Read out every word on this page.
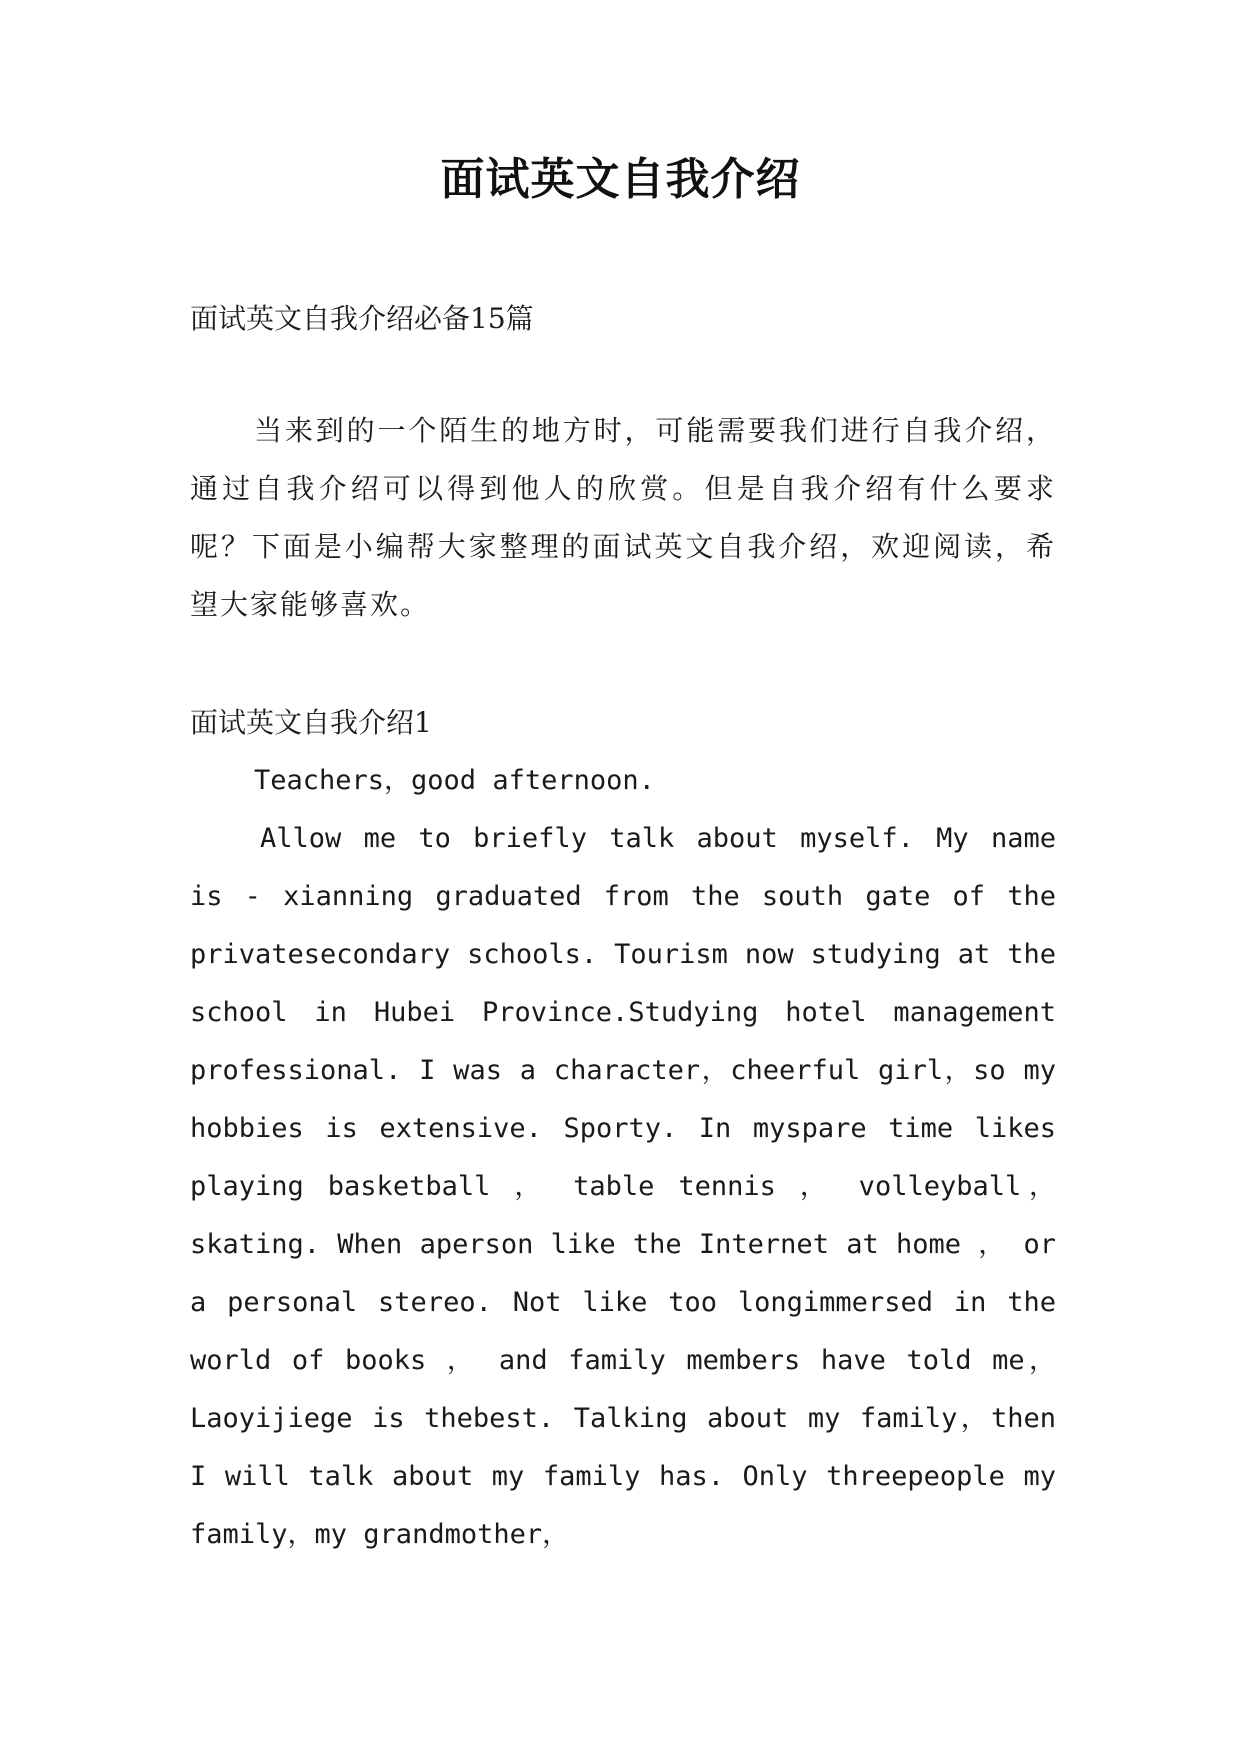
面试英文自我介绍

面试英文自我介绍必备15篇

当来到的一个陌生的地方时，可能需要我们进行自我介绍，通过自我介绍可以得到他人的欣赏。但是自我介绍有什么要求呢？下面是小编帮大家整理的面试英文自我介绍，欢迎阅读，希望大家能够喜欢。

面试英文自我介绍1

Teachers，good afternoon.

Allow me to briefly talk about myself. My name is - xianning graduated from the south gate of the privatesecondary schools. Tourism now studying at the school in Hubei Province.Studying hotel management professional. I was a character，cheerful girl，so my hobbies is extensive. Sporty. In myspare time likes playing basketball ， table tennis ， volleyball，skating. When aperson like the Internet at home ， or a personal stereo. Not like too longimmersed in the world of books ， and family members have told me，Laoyijiege is thebest. Talking about my family，then I will talk about my family has. Only threepeople my family，my grandmother，
